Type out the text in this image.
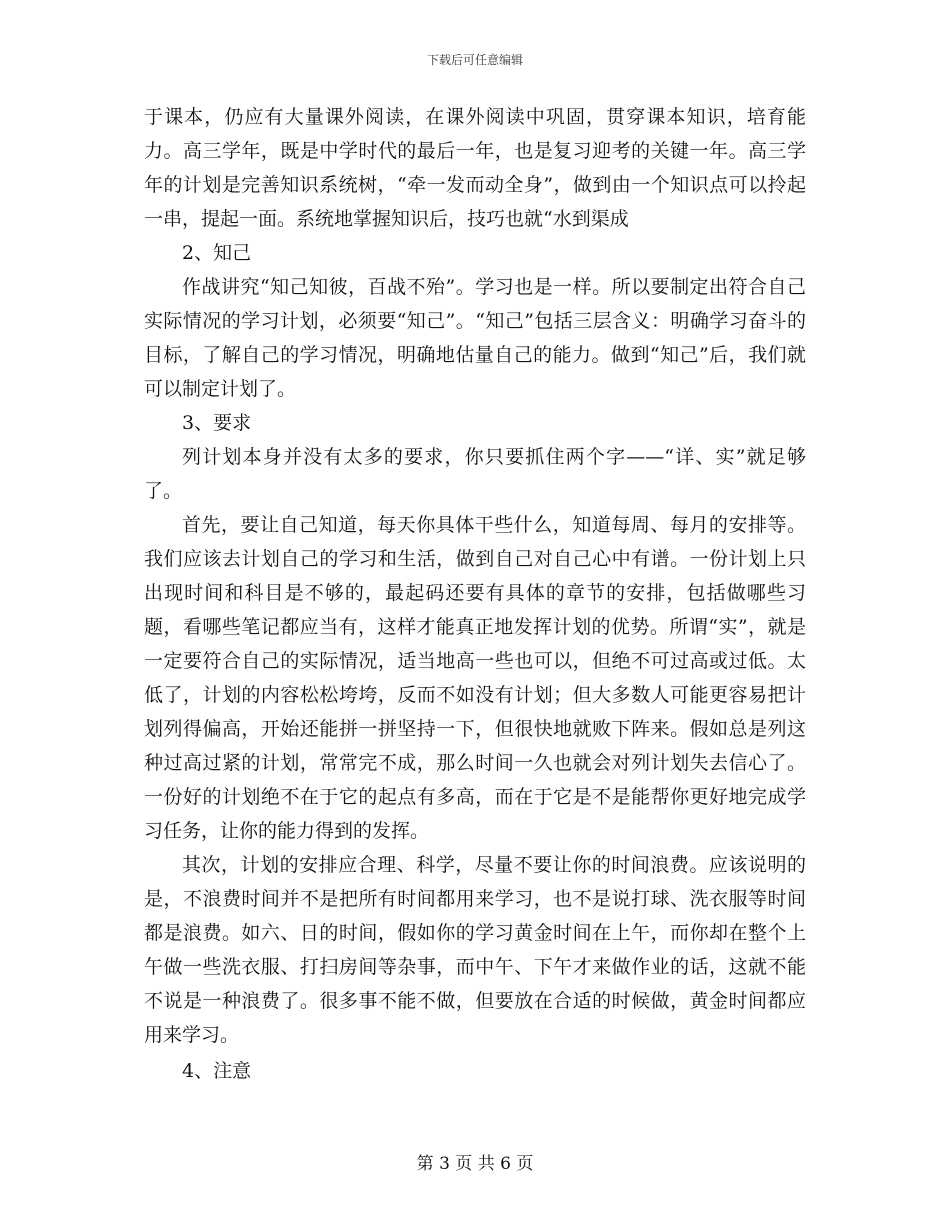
下载后可任意编辑

于课本，仍应有大量课外阅读，在课外阅读中巩固，贯穿课本知识，培育能力。高三学年，既是中学时代的最后一年，也是复习迎考的关键一年。高三学年的计划是完善知识系统树，“牵一发而动全身”，做到由一个知识点可以拎起一串，提起一面。系统地掌握知识后，技巧也就“水到渠成

2、知己

作战讲究“知己知彼，百战不殆”。学习也是一样。所以要制定出符合自己实际情况的学习计划，必须要“知己”。“知己”包括三层含义：明确学习奋斗的目标，了解自己的学习情况，明确地估量自己的能力。做到“知己”后，我们就可以制定计划了。

3、要求

列计划本身并没有太多的要求，你只要抓住两个字——“详、实”就足够了。

首先，要让自己知道，每天你具体干些什么，知道每周、每月的安排等。我们应该去计划自己的学习和生活，做到自己对自己心中有谱。一份计划上只出现时间和科目是不够的，最起码还要有具体的章节的安排，包括做哪些习题，看哪些笔记都应当有，这样才能真正地发挥计划的优势。所谓“实”，就是一定要符合自己的实际情况，适当地高一些也可以，但绝不可过高或过低。太低了，计划的内容松松垮垮，反而不如没有计划；但大多数人可能更容易把计划列得偏高，开始还能拼一拼坚持一下，但很快地就败下阵来。假如总是列这种过高过紧的计划，常常完不成，那么时间一久也就会对列计划失去信心了。一份好的计划绝不在于它的起点有多高，而在于它是不是能帮你更好地完成学习任务，让你的能力得到的发挥。

其次，计划的安排应合理、科学，尽量不要让你的时间浪费。应该说明的是，不浪费时间并不是把所有时间都用来学习，也不是说打球、洗衣服等时间都是浪费。如六、日的时间，假如你的学习黄金时间在上午，而你却在整个上午做一些洗衣服、打扫房间等杂事，而中午、下午才来做作业的话，这就不能不说是一种浪费了。很多事不能不做，但要放在合适的时候做，黄金时间都应用来学习。

4、注意

第 3 页 共 6 页
